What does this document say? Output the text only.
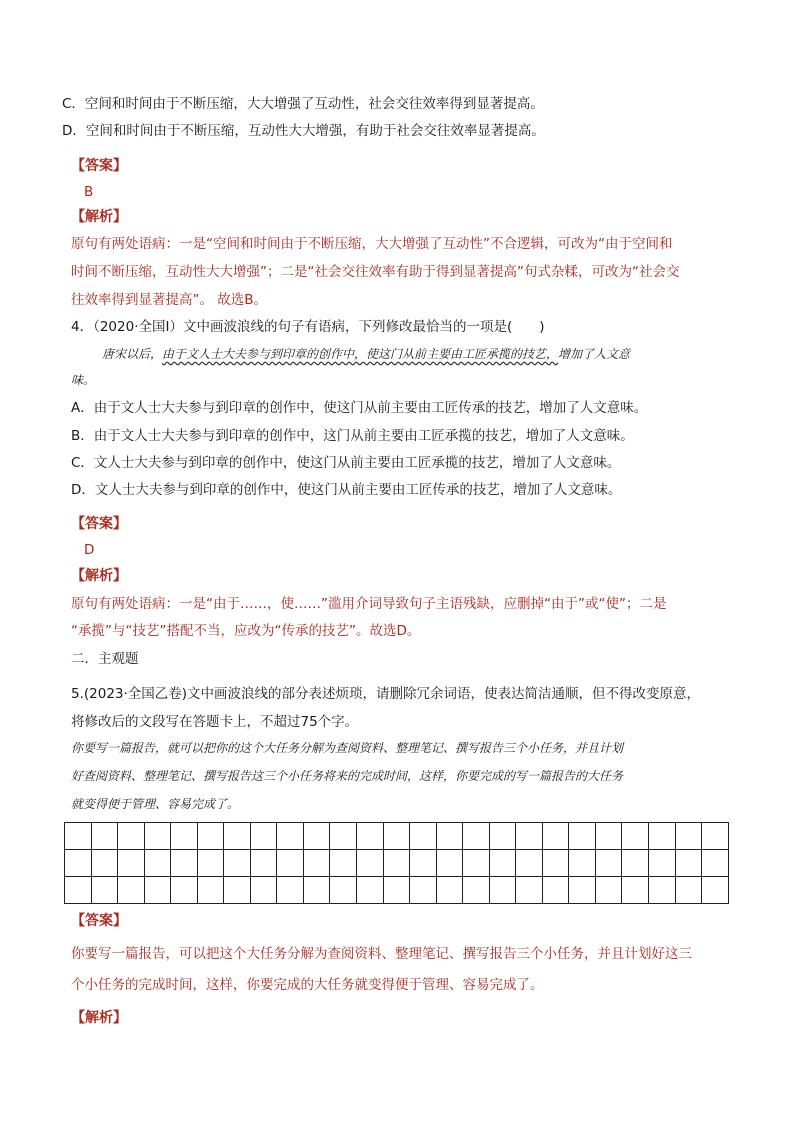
C．空间和时间由于不断压缩，大大增强了互动性，社会交往效率得到显著提高。
D．空间和时间由于不断压缩，互动性大大增强，有助于社会交往效率显著提高。
【答案】
B
【解析】
原句有两处语病：一是“空间和时间由于不断压缩，大大增强了互动性”不合逻辑，可改为“由于空间和
时间不断压缩，互动性大大增强”；二是“社会交往效率有助于得到显著提高”句式杂糅，可改为“社会交
往效率得到显著提高”。 故选B。
4．（2020·全国Ⅰ）文中画波浪线的句子有语病，下列修改最恰当的一项是(　　)
唐宋以后，由于文人士大夫参与到印章的创作中，使这门从前主要由工匠承揽的技艺，增加了人文意
味。
A．由于文人士大夫参与到印章的创作中，使这门从前主要由工匠传承的技艺，增加了人文意味。
B．由于文人士大夫参与到印章的创作中，这门从前主要由工匠承揽的技艺，增加了人文意味。
C．文人士大夫参与到印章的创作中，使这门从前主要由工匠承揽的技艺，增加了人文意味。
D．文人士大夫参与到印章的创作中，使这门从前主要由工匠传承的技艺，增加了人文意味。
【答案】
D
【解析】
原句有两处语病：一是“由于……，使……”滥用介词导致句子主语残缺，应删掉“由于”或“使”；二是
“承揽”与“技艺”搭配不当，应改为“传承的技艺”。故选D。
二．主观题
5.(2023·全国乙卷)文中画波浪线的部分表述烦琐，请删除冗余词语，使表达简洁通顺，但不得改变原意，
将修改后的文段写在答题卡上，不超过75个字。
你要写一篇报告，就可以把你的这个大任务分解为查阅资料、整理笔记、撰写报告三个小任务，并且计划
好查阅资料、整理笔记、撰写报告这三个小任务将来的完成时间，这样，你要完成的写一篇报告的大任务
就变得便于管理、容易完成了。

【答案】
你要写一篇报告，可以把这个大任务分解为查阅资料、整理笔记、撰写报告三个小任务，并且计划好这三
个小任务的完成时间，这样，你要完成的大任务就变得便于管理、容易完成了。
【解析】
